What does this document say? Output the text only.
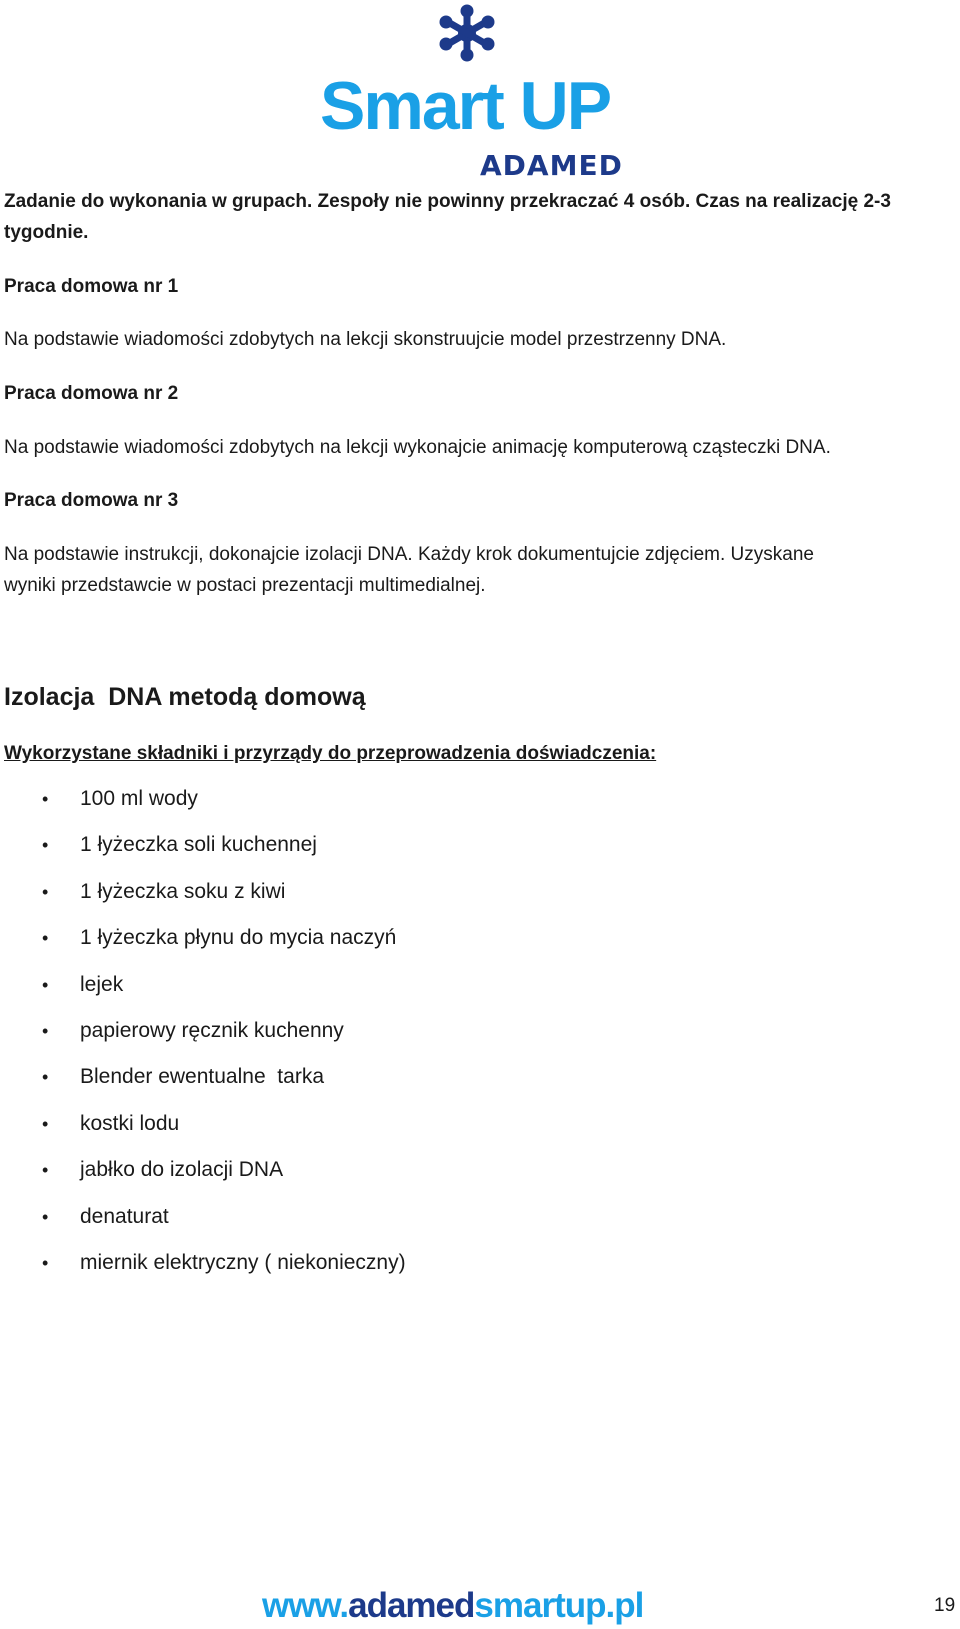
Smart UP
ADAMED
Zadanie do wykonania w grupach. Zespoły nie powinny przekraczać 4 osób. Czas na realizację 2-3
tygodnie.
Praca domowa nr 1
Na podstawie wiadomości zdobytych na lekcji skonstruujcie model przestrzenny DNA.
Praca domowa nr 2
Na podstawie wiadomości zdobytych na lekcji wykonajcie animację komputerową cząsteczki DNA.
Praca domowa nr 3
Na podstawie instrukcji, dokonajcie izolacji DNA. Każdy krok dokumentujcie zdjęciem. Uzyskane
wyniki przedstawcie w postaci prezentacji multimedialnej.
Izolacja  DNA metodą domową
Wykorzystane składniki i przyrządy do przeprowadzenia doświadczenia:
• 100 ml wody
• 1 łyżeczka soli kuchennej
• 1 łyżeczka soku z kiwi
• 1 łyżeczka płynu do mycia naczyń
• lejek
• papierowy ręcznik kuchenny
• Blender ewentualne  tarka
• kostki lodu
• jabłko do izolacji DNA
• denaturat
• miernik elektryczny ( niekonieczny)
www.adamedsmartup.pl	19
